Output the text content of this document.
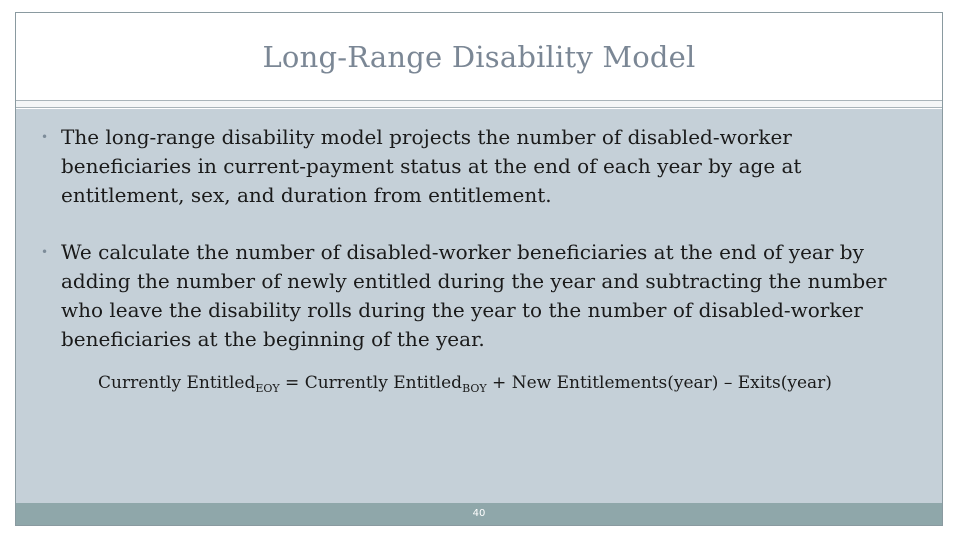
Long-Range Disability Model
• The long-range disability model projects the number of disabled-worker beneficiaries in current-payment status at the end of each year by age at entitlement, sex, and duration from entitlement.
• We calculate the number of disabled-worker beneficiaries at the end of year by adding the number of newly entitled during the year and subtracting the number who leave the disability rolls during the year to the number of disabled-worker beneficiaries at the beginning of the year.
Currently Entitled$_{EOY}$ = Currently Entitled$_{BOY}$ + New Entitlements(year) – Exits(year)
40
